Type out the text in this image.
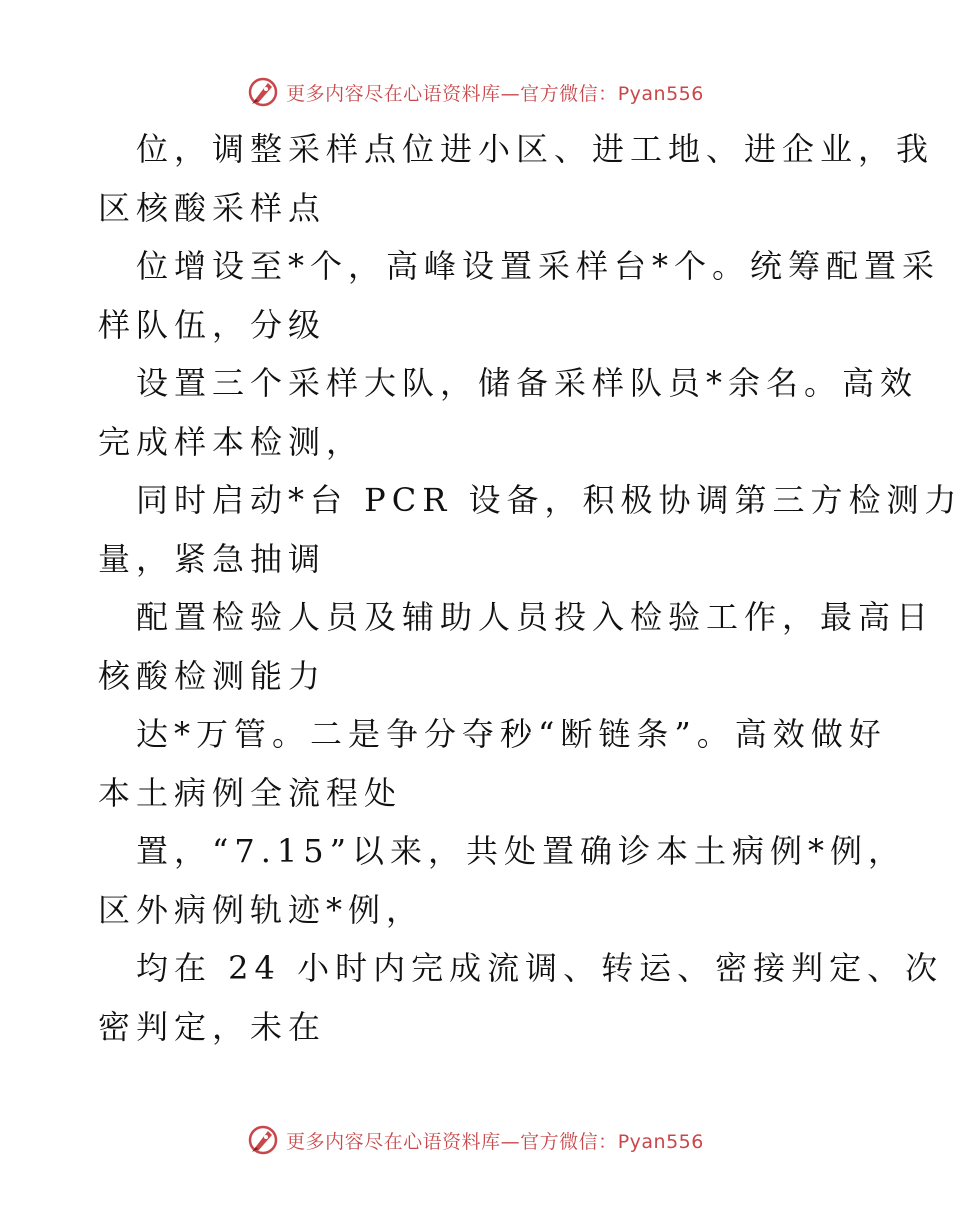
更多内容尽在心语资料库—官方微信：Pyan556
位，调整采样点位进小区、进工地、进企业，我
区核酸采样点
位增设至*个，高峰设置采样台*个。统筹配置采
样队伍，分级
设置三个采样大队，储备采样队员*余名。高效
完成样本检测，
同时启动*台 PCR 设备，积极协调第三方检测力
量，紧急抽调
配置检验人员及辅助人员投入检验工作，最高日
核酸检测能力
达*万管。二是争分夺秒“断链条”。高效做好
本土病例全流程处
置，“7.15”以来，共处置确诊本土病例*例，
区外病例轨迹*例，
均在 24 小时内完成流调、转运、密接判定、次
密判定，未在
更多内容尽在心语资料库—官方微信：Pyan556
